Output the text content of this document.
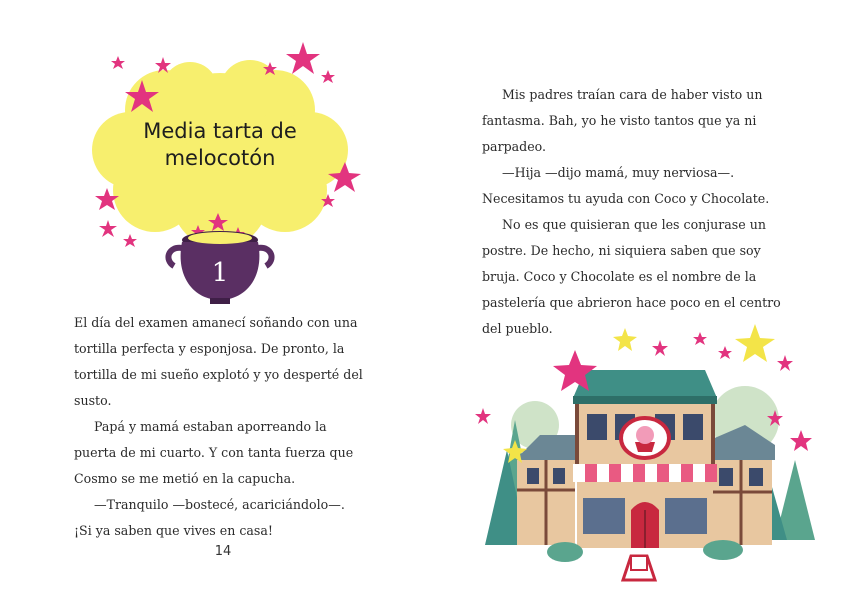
Media tarta de melocotón
1

El día del examen amanecí soñando con una tortilla perfecta y esponjosa. De pronto, la tortilla de mi sueño explotó y yo desperté del susto.

Papá y mamá estaban aporreando la puerta de mi cuarto. Y con tanta fuerza que Cosmo se me metió en la capucha.

—Tranquilo —bostecé, acariciándolo—. ¡Si ya saben que vives en casa!

14

Mis padres traían cara de haber visto un fantasma. Bah, yo he visto tantos que ya ni parpadeo.

—Hija —dijo mamá, muy nerviosa—. Necesitamos tu ayuda con Coco y Chocolate.

No es que quisieran que les conjurase un postre. De hecho, ni siquiera saben que soy bruja. Coco y Chocolate es el nombre de la pastelería que abrieron hace poco en el centro del pueblo.
